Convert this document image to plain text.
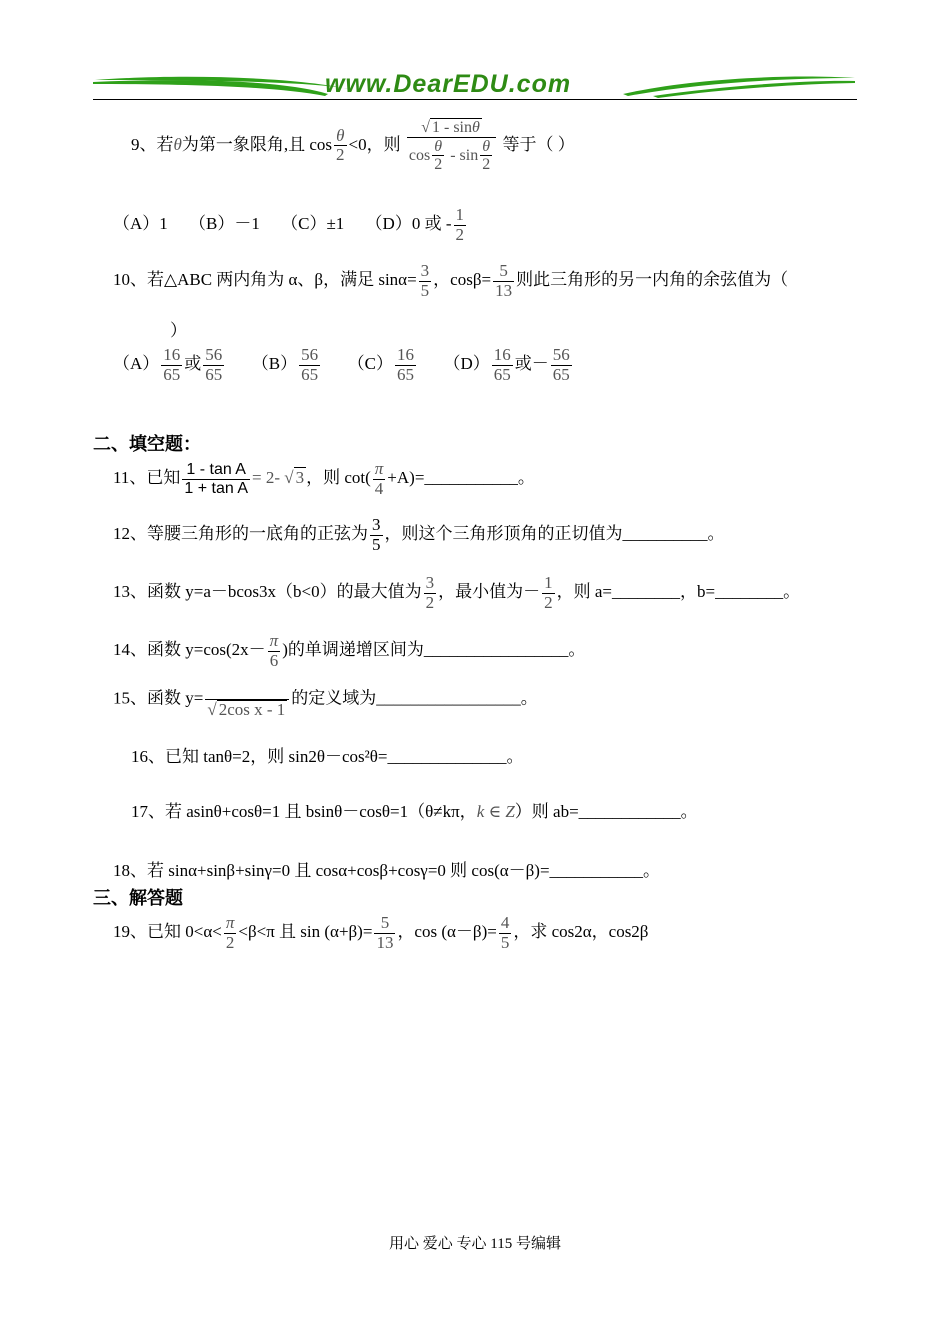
www.DearEDU.com
9、若θ为第一象限角,且 $\cos \frac{\theta}{2} <0$，则 $\frac{√ 1 - \sin\theta}{\cos \frac{\theta}{2} - \sin \frac{\theta}{2}}$ 等于（ ）
（A）1 （B）－1 （C）±1 （D）0 或 - $\frac{1}{2}$
10、若△ABC 两内角为 α、β，满足 $\sin\alpha= \frac{3}{5}$ ，$\cos\beta= \frac{5}{13}$ 则此三角形的另一内角的余弦值为（
）
$(A) \frac{16}{65}$ 或 $\frac{56}{65} (B) \frac{56}{65} (C) \frac{16}{65} (D) \frac{16}{65}$ 或－ $\frac{56}{65}$
二、填空题：
11、已知 $\frac{\text{1 - tan A}}{\text{1 + tan A}} = 2-$ √ 3 ，则 $\cot( \frac{\pi}{4}$ +A)=___________。
12、等腰三角形的一底角的正弦为 $\frac{3}{5}$ ，则这个三角形顶角的正切值为__________。
13、函数 y=a－bcos3x（b<0）的最大值为 $\frac{3}{2}$ ，最小值为－ $\frac{1}{2}$ ，则 a=________，b=________。
14、函数 $y=\cos(2x- \frac{\pi}{6}$ )的单调递增区间为_________________。
15、函数 y=
√ 2cos x - 1
的定义域为_________________。
16、已知 tanθ=2，则 sin2θ－cos²θ=______________。
17、若 asinθ+cosθ=1 且 bsinθ－cosθ=1（θ≠kπ，k ∈ Z）则 ab=____________。
18、若 sinα+sinβ+sinγ=0 且 cosα+cosβ+cosγ=0 则 cos(α－β)=___________。
三、解答题
19、已知 $0<\alpha< \frac{\pi}{2} <\beta<\pi$ 且 $\sin (\alpha+\beta)= \frac{5}{13}$ ，$\cos (\alpha-\beta)= \frac{4}{5}$ ，求 cos2α，cos2β
用心 爱心 专心 115 号编辑
